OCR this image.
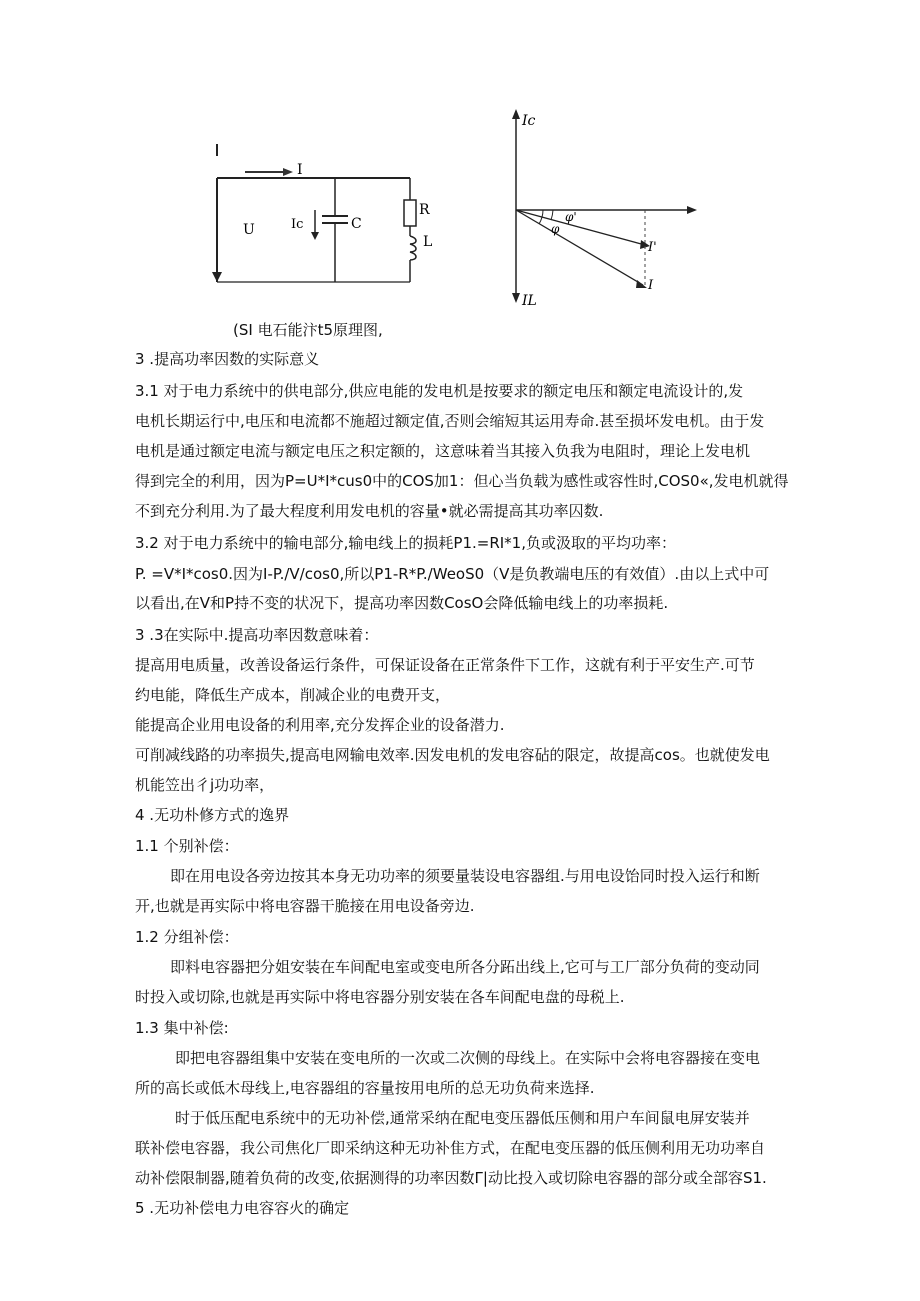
I
U	Ic	C
R
L
Ic
IL
φ'
φ
I'
I
(SI 电石能汴t5原理图,
3 .提高功率因数的实际意义
3.1 对于电力系统中的供电部分,供应电能的发电机是按要求的额定电压和额定电流设计的,发
电机长期运行中,电压和电流都不施超过额定值,否则会缩短其运用寿命.甚至损坏发电机。由于发
电机是通过额定电流与额定电压之积定额的，这意味着当其接入负我为电阻时，理论上发电机
得到完全的利用，因为P=U*I*cus0中的COS加1：但心当负载为感性或容性时,COS0«,发电机就得
不到充分利用.为了最大程度利用发电机的容量•就必需提高其功率囚数.
3.2 对于电力系统中的输电部分,输电线上的损耗P1.=RI*1,负或汲取的平均功率：
P. =V*I*cos0.因为I-P./V/cos0,所以P1-R*P./WeoS0（V是负教端电压的有效值）.由以上式中可
以看出,在V和P持不变的状况下，提高功率因数CosO会降低输电线上的功率损耗.
3 .3在实际中.提高功率因数意味着：
提高用电质量，改善设备运行条件，可保证设备在正常条件下工作，这就有利于平安生产.可节
约电能，降低生产成本，削减企业的电费开支，
能提高企业用电设备的利用率,充分发挥企业的设备潜力.
可削减线路的功率损失,提高电网输电效率.因发电机的发电容砧的限定，故提高cos。也就使发电
机能笠出彳j功功率，
4 .无功朴修方式的逸界
1.1 个别补偿：
即在用电设各旁边按其本身无功功率的须要量装设电容器组.与用电设饴同时投入运行和断
开,也就是再实际中将电容器干脆接在用电设备旁边.
1.2 分组补偿：
即料电容器把分姐安装在车间配电室或变电所各分跖出线上,它可与工厂部分负荷的变动同
时投入或切除,也就是再实际中将电容器分别安装在各车间配电盘的母税上.
1.3 集中补偿:
即把电容器组集中安装在变电所的一次或二次侧的母线上。在实际中会将电容器接在变电
所的高长或低木母线上,电容器组的容量按用电所的总无功负荷来选择.
时于低压配电系统中的无功补偿,通常采纳在配电变压器低压侧和用户车间鼠电屏安装并
联补偿电容器，我公司焦化厂即采纳这种无功补隹方式，在配电变压器的低压侧利用无功功率自
动补偿限制器,随着负荷的改变,依据测得的功率因数Γ|动比投入或切除电容器的部分或全部容S1.
5 .无功补偿电力电容容火的确定
